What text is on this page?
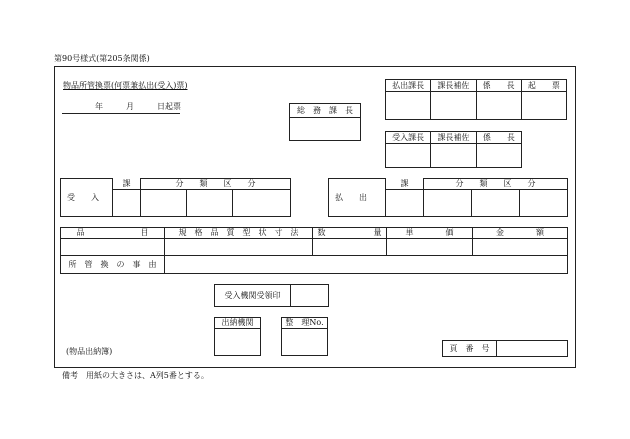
第90号様式(第205条関係)
物品所管換票(何票兼払出(受入)票)
年	月	日起票	総　務　課　長

払出課長	課長補佐	係　　長	起　　票

受入課長	課長補佐	係　　長

受　　入	課	分　　類　　区　　分		

払　　出	課	分　　類　　区　　分		

品　　　　　　　目	規　格　品　質　型　状　寸　法	数　　　　　　量	単　　　　価	金　　　　額

所　管　換　の　事　由				
受入機関受領印	
出納機関	整　理No.

(物品出納簿)	頁　番　号	
備考　用紙の大きさは、A列5番とする。
